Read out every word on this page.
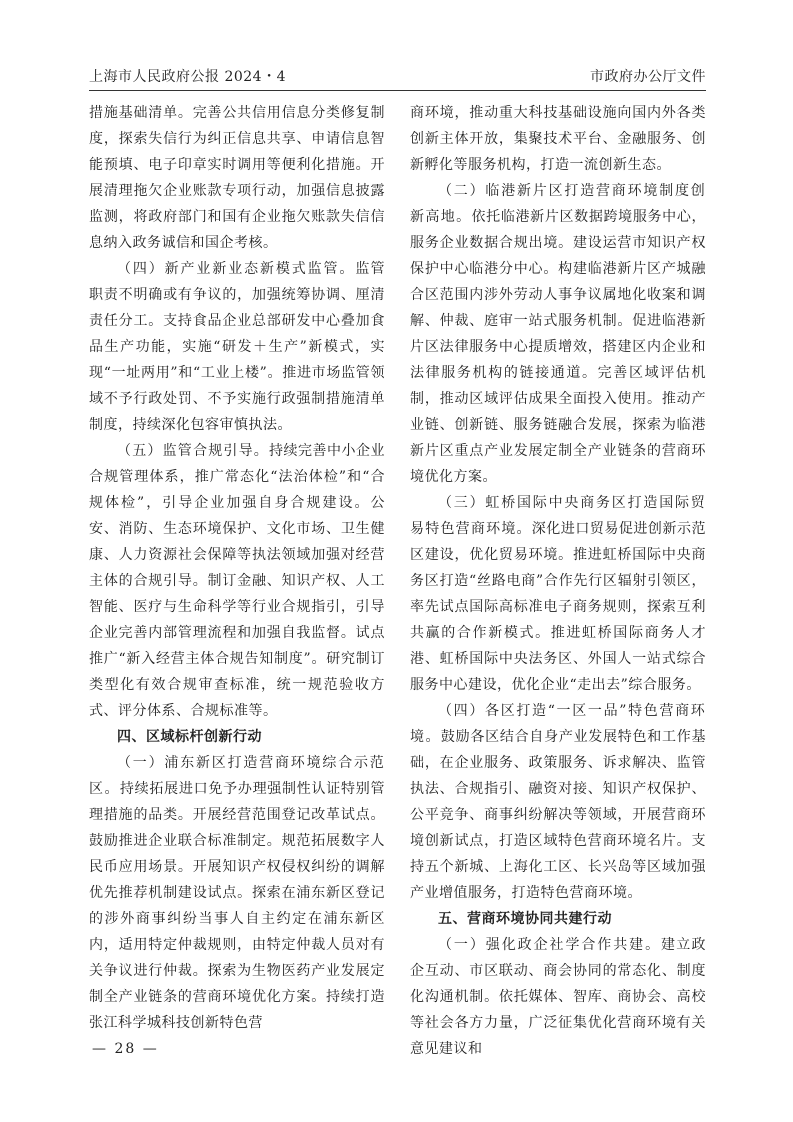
上海市人民政府公报 2024・4	市政府办公厅文件

措施基础清单。完善公共信用信息分类修复制度，探索失信行为纠正信息共享、申请信息智能预填、电子印章实时调用等便利化措施。开展清理拖欠企业账款专项行动，加强信息披露监测，将政府部门和国有企业拖欠账款失信信息纳入政务诚信和国企考核。

（四）新产业新业态新模式监管。监管职责不明确或有争议的，加强统筹协调、厘清责任分工。支持食品企业总部研发中心叠加食品生产功能，实施“研发＋生产”新模式，实现“一址两用”和“工业上楼”。推进市场监管领域不予行政处罚、不予实施行政强制措施清单制度，持续深化包容审慎执法。

（五）监管合规引导。持续完善中小企业合规管理体系，推广常态化“法治体检”和“合规体检”，引导企业加强自身合规建设。公安、消防、生态环境保护、文化市场、卫生健康、人力资源社会保障等执法领域加强对经营主体的合规引导。制订金融、知识产权、人工智能、医疗与生命科学等行业合规指引，引导企业完善内部管理流程和加强自我监督。试点推广“新入经营主体合规告知制度”。研究制订类型化有效合规审查标准，统一规范验收方式、评分体系、合规标准等。

四、区域标杆创新行动

（一）浦东新区打造营商环境综合示范区。持续拓展进口免予办理强制性认证特别管理措施的品类。开展经营范围登记改革试点。鼓励推进企业联合标准制定。规范拓展数字人民币应用场景。开展知识产权侵权纠纷的调解优先推荐机制建设试点。探索在浦东新区登记的涉外商事纠纷当事人自主约定在浦东新区内，适用特定仲裁规则，由特定仲裁人员对有关争议进行仲裁。探索为生物医药产业发展定制全产业链条的营商环境优化方案。持续打造张江科学城科技创新特色营

— 28 —

商环境，推动重大科技基础设施向国内外各类创新主体开放，集聚技术平台、金融服务、创新孵化等服务机构，打造一流创新生态。

（二）临港新片区打造营商环境制度创新高地。依托临港新片区数据跨境服务中心，服务企业数据合规出境。建设运营市知识产权保护中心临港分中心。构建临港新片区产城融合区范围内涉外劳动人事争议属地化收案和调解、仲裁、庭审一站式服务机制。促进临港新片区法律服务中心提质增效，搭建区内企业和法律服务机构的链接通道。完善区域评估机制，推动区域评估成果全面投入使用。推动产业链、创新链、服务链融合发展，探索为临港新片区重点产业发展定制全产业链条的营商环境优化方案。

（三）虹桥国际中央商务区打造国际贸易特色营商环境。深化进口贸易促进创新示范区建设，优化贸易环境。推进虹桥国际中央商务区打造“丝路电商”合作先行区辐射引领区，率先试点国际高标准电子商务规则，探索互利共赢的合作新模式。推进虹桥国际商务人才港、虹桥国际中央法务区、外国人一站式综合服务中心建设，优化企业“走出去”综合服务。

（四）各区打造“一区一品”特色营商环境。鼓励各区结合自身产业发展特色和工作基础，在企业服务、政策服务、诉求解决、监管执法、合规指引、融资对接、知识产权保护、公平竞争、商事纠纷解决等领域，开展营商环境创新试点，打造区域特色营商环境名片。支持五个新城、上海化工区、长兴岛等区域加强产业增值服务，打造特色营商环境。

五、营商环境协同共建行动

（一）强化政企社学合作共建。建立政企互动、市区联动、商会协同的常态化、制度化沟通机制。依托媒体、智库、商协会、高校等社会各方力量，广泛征集优化营商环境有关意见建议和
